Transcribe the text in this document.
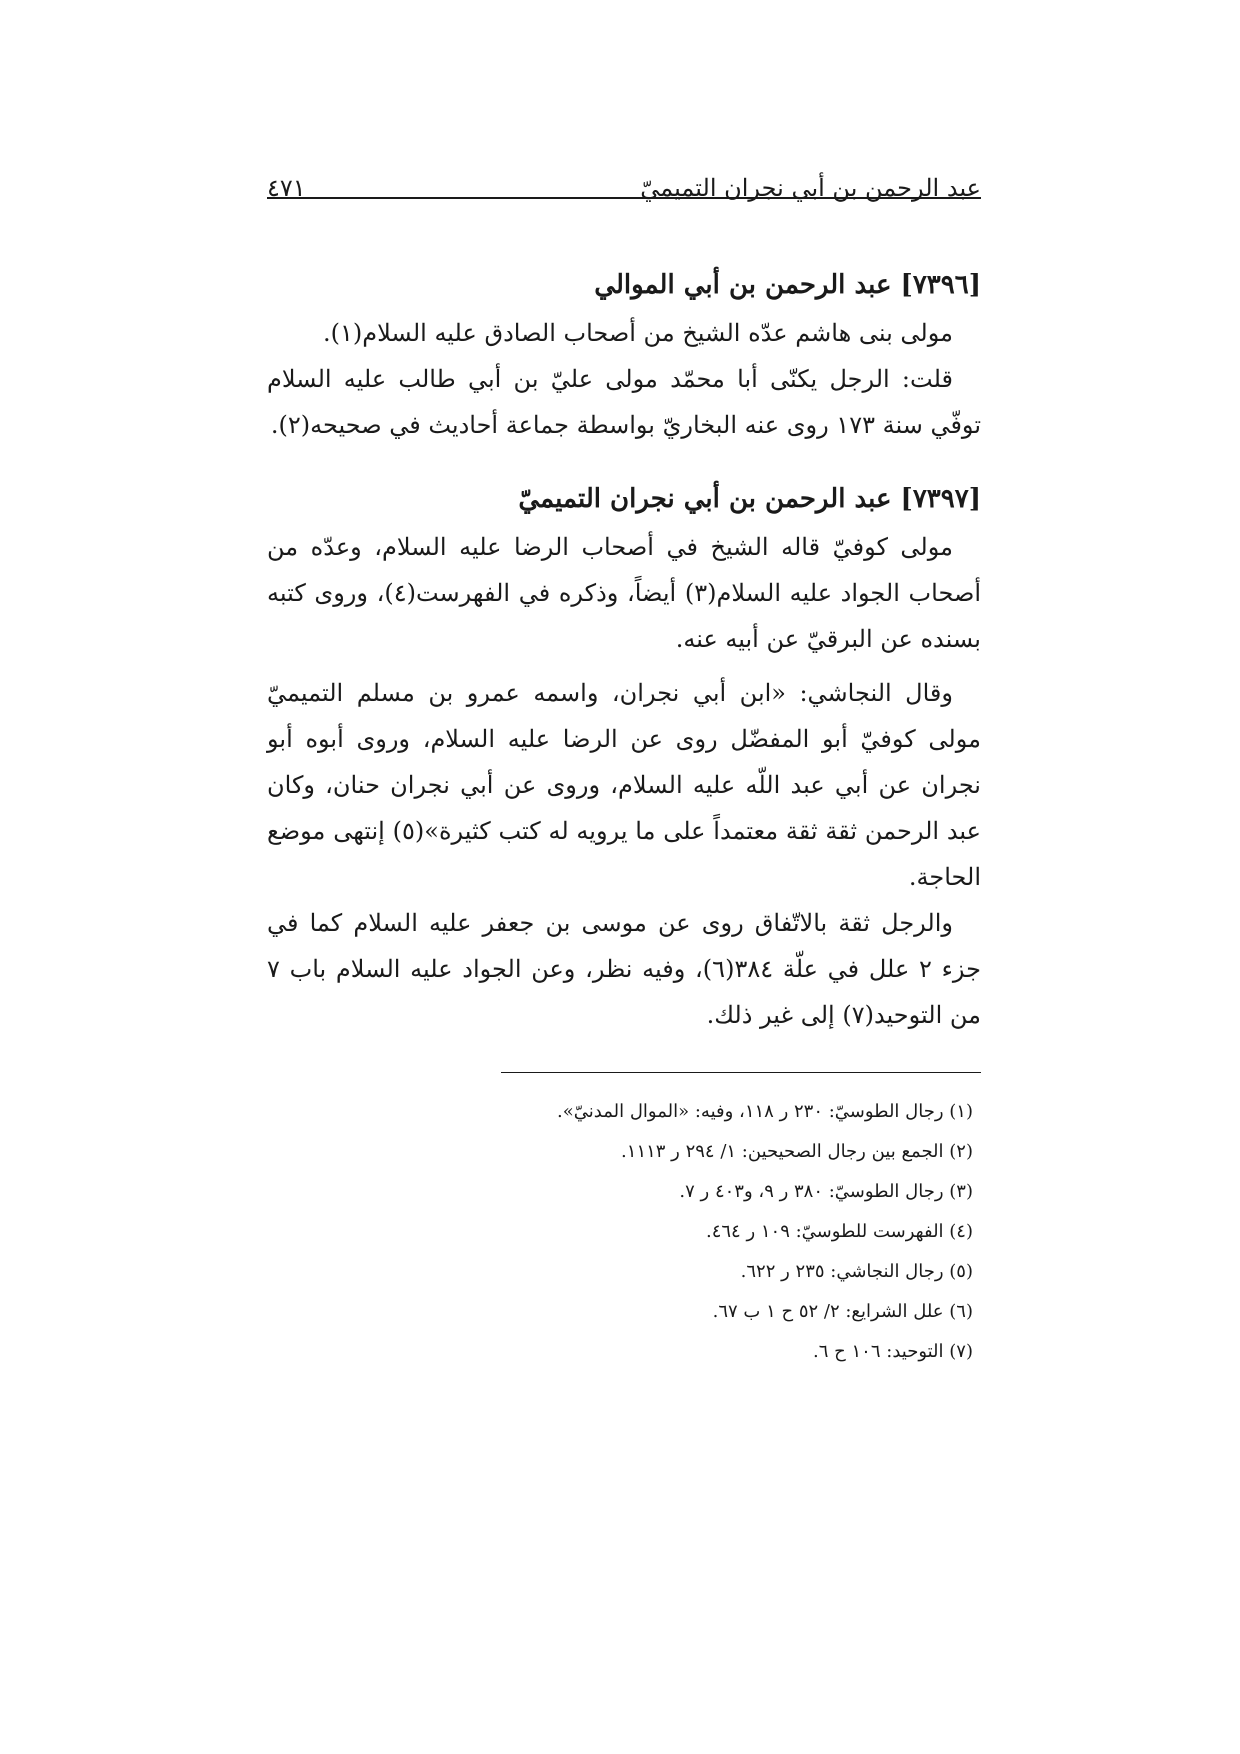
عبد الرحمن بن أبي نجران التميميّ
٤٧١
[٧٣٩٦] عبد الرحمن بن أبي الموالي

مولى بنى هاشم عدّه الشيخ من أصحاب الصادق عليه السلام(١).

قلت: الرجل يكنّى أبا محمّد مولى عليّ بن أبي طالب عليه السلام توفّي سنة ١٧٣ روى عنه البخاريّ بواسطة جماعة أحاديث في صحيحه(٢).

[٧٣٩٧] عبد الرحمن بن أبي نجران التميميّ

مولى كوفيّ قاله الشيخ في أصحاب الرضا عليه السلام، وعدّه من أصحاب الجواد عليه السلام(٣) أيضاً، وذكره في الفهرست(٤)، وروى كتبه بسنده عن البرقيّ عن أبيه عنه.

وقال النجاشي: «ابن أبي نجران، واسمه عمرو بن مسلم التميميّ مولى كوفيّ أبو المفضّل روى عن الرضا عليه السلام، وروى أبوه أبو نجران عن أبي عبد اللّه عليه السلام، وروى عن أبي نجران حنان، وكان عبد الرحمن ثقة ثقة معتمداً على ما يرويه له كتب كثيرة»(٥) إنتهى موضع الحاجة.

والرجل ثقة بالاتّفاق روى عن موسى بن جعفر عليه السلام كما في جزء ٢ علل في علّة ٣٨٤(٦)، وفيه نظر، وعن الجواد عليه السلام باب ٧ من التوحيد(٧) إلى غير ذلك.

(١) رجال الطوسيّ: ٢٣٠ ر ١١٨، وفيه: «الموال المدنيّ».
(٢) الجمع بين رجال الصحيحين: ١/ ٢٩٤ ر ١١١٣.
(٣) رجال الطوسيّ: ٣٨٠ ر ٩، و٤٠٣ ر ٧.
(٤) الفهرست للطوسيّ: ١٠٩ ر ٤٦٤.
(٥) رجال النجاشي: ٢٣٥ ر ٦٢٢.
(٦) علل الشرايع: ٢/ ٥٢ ح ١ ب ٦٧.
(٧) التوحيد: ١٠٦ ح ٦.
